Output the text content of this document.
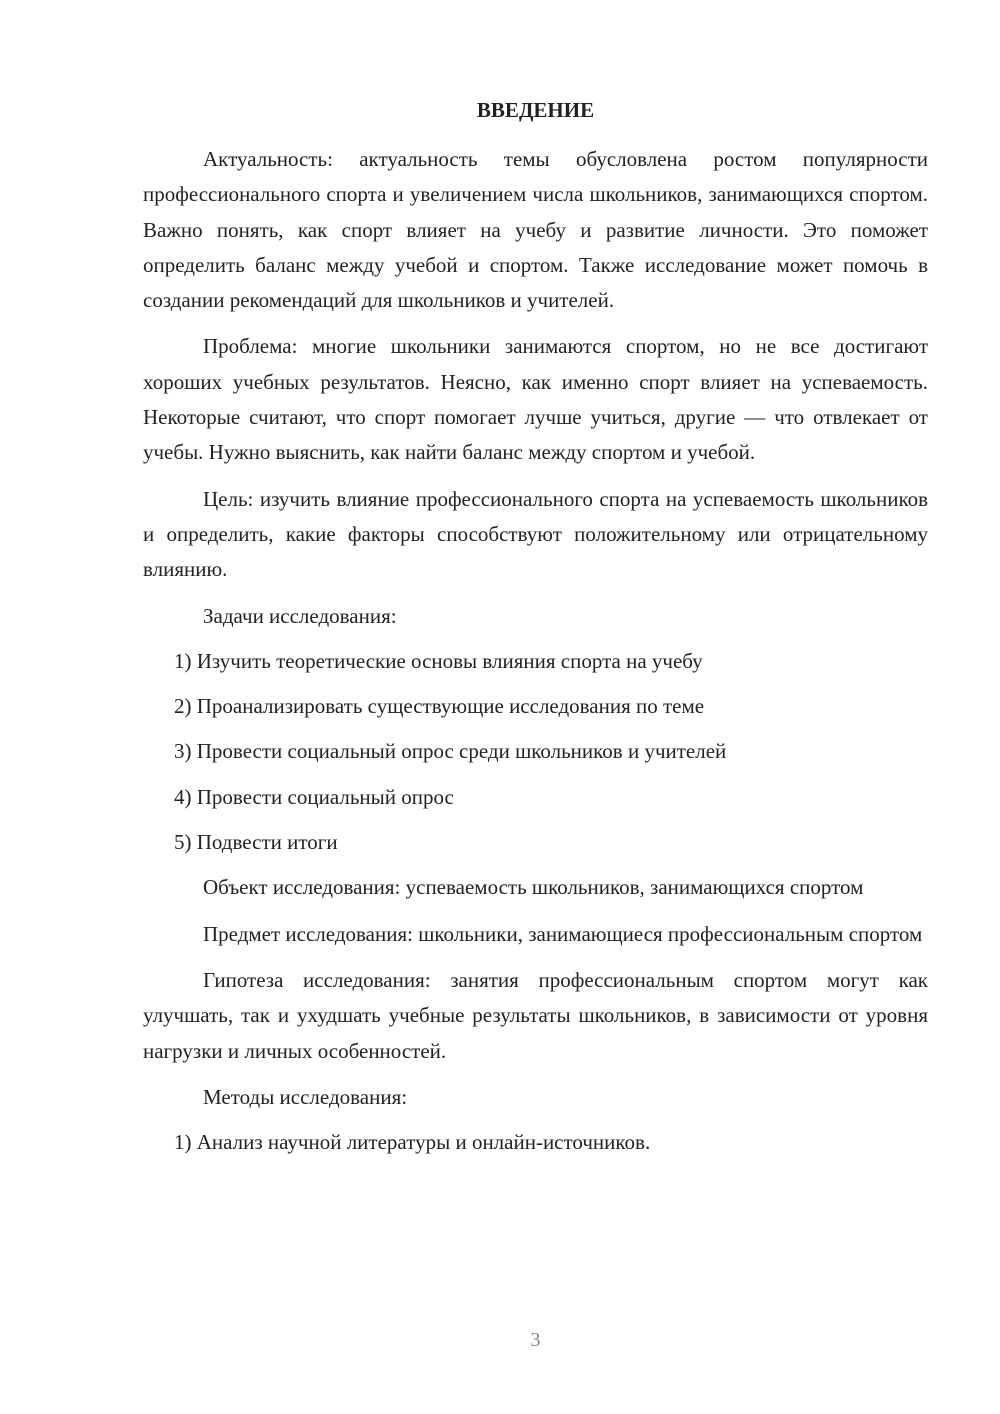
ВВЕДЕНИЕ

Актуальность: актуальность темы обусловлена ростом популярности профессионального спорта и увеличением числа школьников, занимающихся спортом. Важно понять, как спорт влияет на учебу и развитие личности. Это поможет определить баланс между учебой и спортом. Также исследование может помочь в создании рекомендаций для школьников и учителей.

Проблема: многие школьники занимаются спортом, но не все достигают хороших учебных результатов. Неясно, как именно спорт влияет на успеваемость. Некоторые считают, что спорт помогает лучше учиться, другие — что отвлекает от учебы. Нужно выяснить, как найти баланс между спортом и учебой.

Цель: изучить влияние профессионального спорта на успеваемость школьников и определить, какие факторы способствуют положительному или отрицательному влиянию.

Задачи исследования:

1) Изучить теоретические основы влияния спорта на учебу

2) Проанализировать существующие исследования по теме

3) Провести социальный опрос среди школьников и учителей

4) Провести социальный опрос

5) Подвести итоги

Объект исследования: успеваемость школьников, занимающихся спортом

Предмет исследования: школьники, занимающиеся профессиональным спортом

Гипотеза исследования: занятия профессиональным спортом могут как улучшать, так и ухудшать учебные результаты школьников, в зависимости от уровня нагрузки и личных особенностей.

Методы исследования:

1) Анализ научной литературы и онлайн-источников.

3
